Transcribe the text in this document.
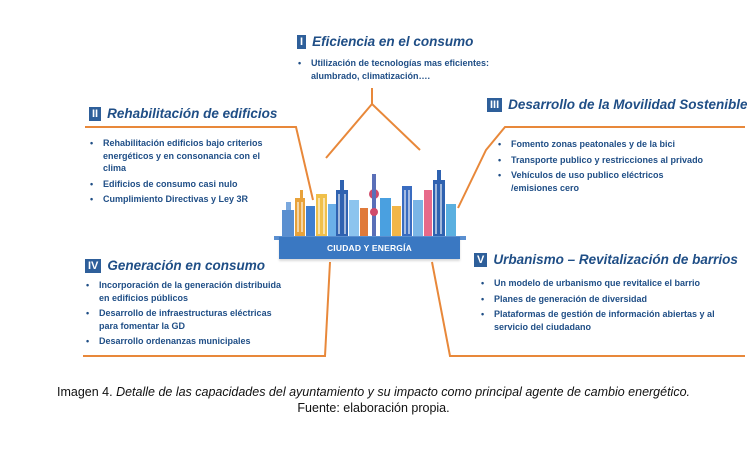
CIUDAD Y ENERGÍA
I Eficiencia en el consumo
• Utilización de tecnologías mas eficientes: alumbrado, climatización….
II Rehabilitación de edificios
• Rehabilitación edificios bajo criterios energéticos y en consonancia con el clima
• Edificios de consumo casi nulo
• Cumplimiento Directivas y Ley 3R
III Desarrollo de la Movilidad Sostenible
• Fomento zonas peatonales y de la bici
• Transporte publico y restricciones al privado
• Vehículos de uso publico eléctricos /emisiones cero
IV Generación en consumo
• Incorporación de la generación distribuida en edificios públicos
• Desarrollo de infraestructuras eléctricas para fomentar la GD
• Desarrollo ordenanzas municipales
V Urbanismo – Revitalización de barrios
• Un modelo de urbanismo que revitalice el barrio
• Planes de generación de diversidad
• Plataformas de gestión de información abiertas y al servicio del ciudadano
Imagen 4. Detalle de las capacidades del ayuntamiento y su impacto como principal agente de cambio energético.
Fuente: elaboración propia.
